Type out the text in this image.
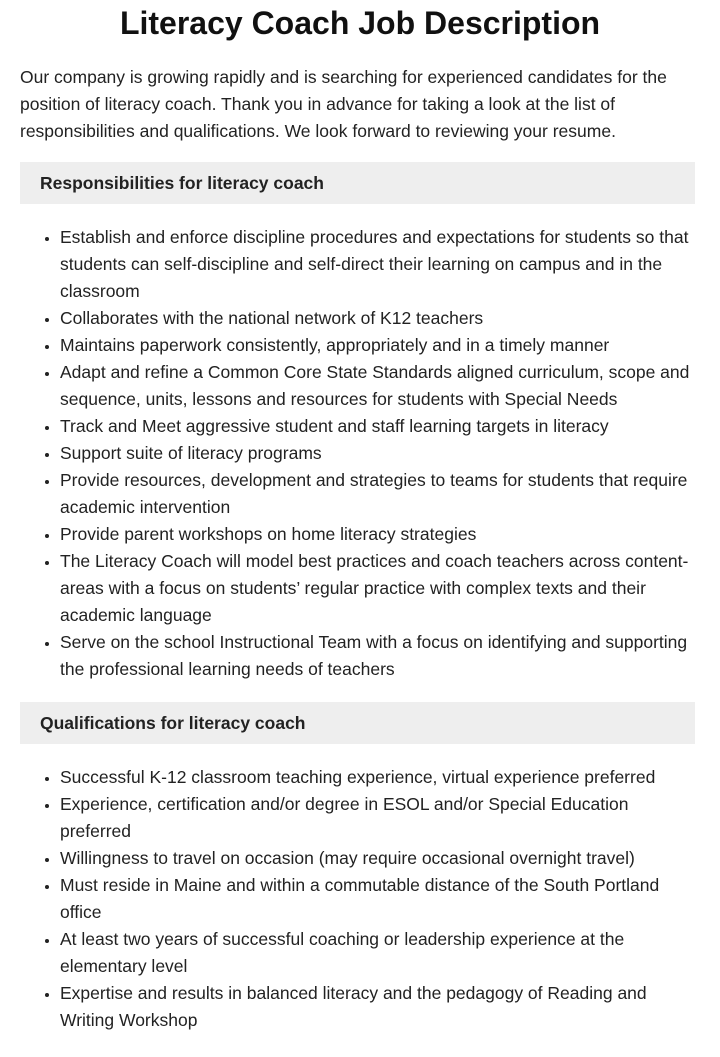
Literacy Coach Job Description

Our company is growing rapidly and is searching for experienced candidates for the position of literacy coach. Thank you in advance for taking a look at the list of responsibilities and qualifications. We look forward to reviewing your resume.

Responsibilities for literacy coach
• Establish and enforce discipline procedures and expectations for students so that students can self-discipline and self-direct their learning on campus and in the classroom
• Collaborates with the national network of K12 teachers
• Maintains paperwork consistently, appropriately and in a timely manner
• Adapt and refine a Common Core State Standards aligned curriculum, scope and sequence, units, lessons and resources for students with Special Needs
• Track and Meet aggressive student and staff learning targets in literacy
• Support suite of literacy programs
• Provide resources, development and strategies to teams for students that require academic intervention
• Provide parent workshops on home literacy strategies
• The Literacy Coach will model best practices and coach teachers across content-areas with a focus on students’ regular practice with complex texts and their academic language
• Serve on the school Instructional Team with a focus on identifying and supporting the professional learning needs of teachers
Qualifications for literacy coach
• Successful K-12 classroom teaching experience, virtual experience preferred
• Experience, certification and/or degree in ESOL and/or Special Education preferred
• Willingness to travel on occasion (may require occasional overnight travel)
• Must reside in Maine and within a commutable distance of the South Portland office
• At least two years of successful coaching or leadership experience at the elementary level
• Expertise and results in balanced literacy and the pedagogy of Reading and Writing Workshop
